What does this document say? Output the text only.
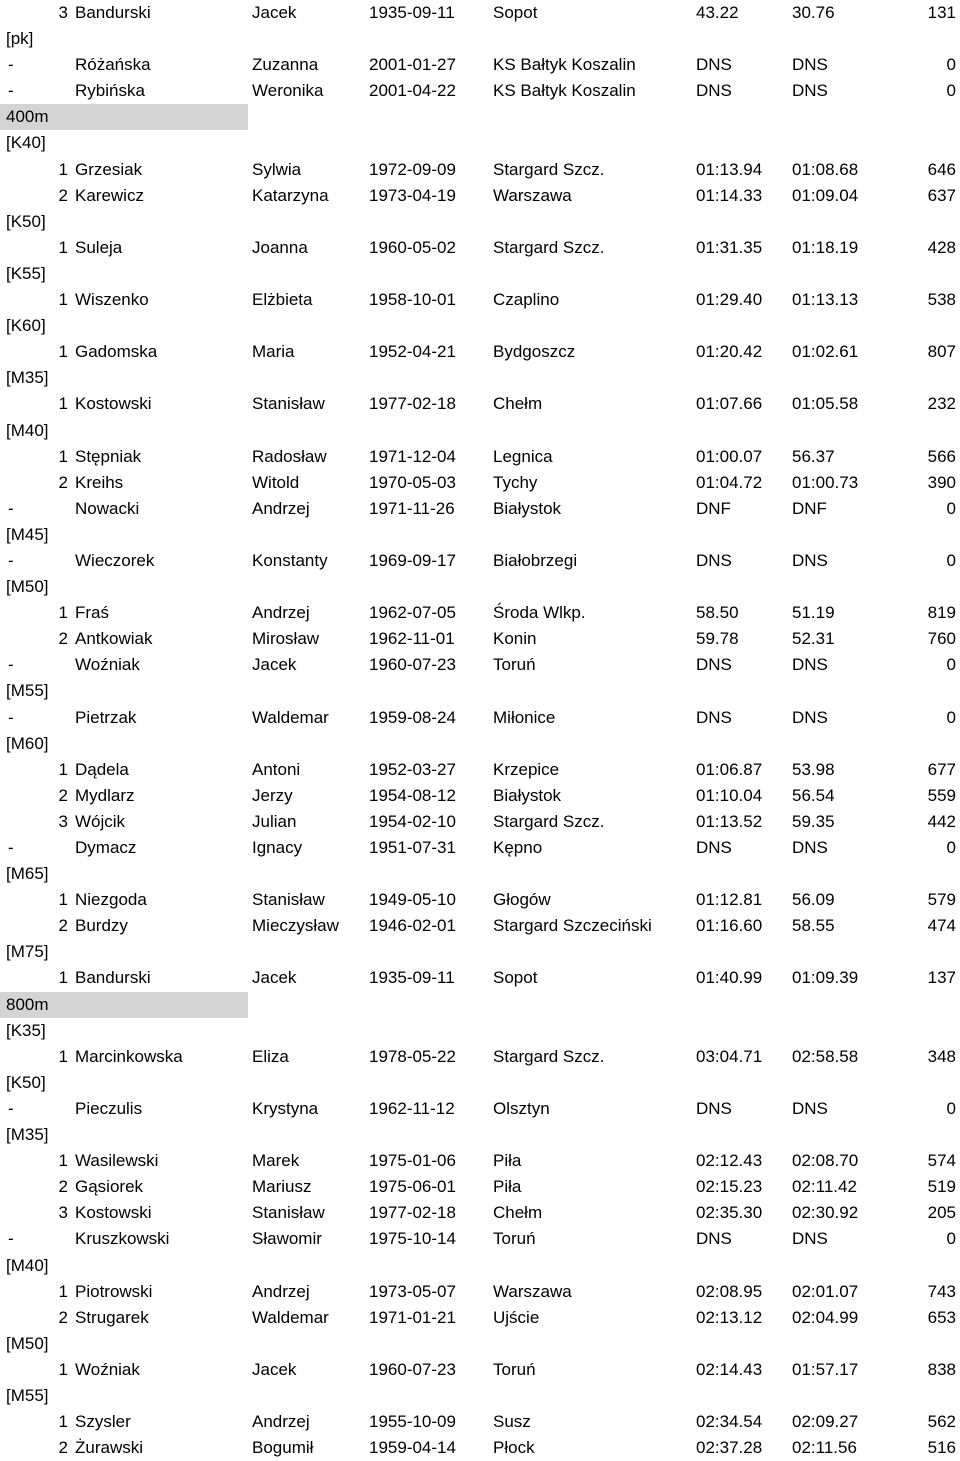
3 Bandurski	Jacek	1935-09-11 Sopot	43.22	30.76	131
[pk]
-	Różańska	Zuzanna	2001-01-27 KS Bałtyk Koszalin	DNS	DNS	0
-	Rybińska	Weronika	2001-04-22 KS Bałtyk Koszalin	DNS	DNS	0
400m
[K40]
1 Grzesiak	Sylwia	1972-09-09 Stargard Szcz.	01:13.94 01:08.68	646
2 Karewicz	Katarzyna 1973-04-19 Warszawa	01:14.33 01:09.04	637
[K50]
1 Suleja	Joanna	1960-05-02 Stargard Szcz.	01:31.35 01:18.19	428
[K55]
1 Wiszenko	Elżbieta	1958-10-01 Czaplino	01:29.40 01:13.13	538
[K60]
1 Gadomska	Maria	1952-04-21 Bydgoszcz	01:20.42 01:02.61	807
[M35]
1 Kostowski	Stanisław	1977-02-18 Chełm	01:07.66 01:05.58	232
[M40]
1 Stępniak	Radosław 1971-12-04 Legnica	01:00.07 56.37	566
2 Kreihs	Witold	1970-05-03 Tychy	01:04.72 01:00.73	390
-	Nowacki	Andrzej	1971-11-26 Białystok	DNF	DNF	0
[M45]
-	Wieczorek	Konstanty 1969-09-17 Białobrzegi	DNS	DNS	0
[M50]
1 Fraś	Andrzej	1962-07-05 Środa Wlkp.	58.50	51.19	819
2 Antkowiak	Mirosław	1962-11-01 Konin	59.78	52.31	760
-	Woźniak	Jacek	1960-07-23 Toruń	DNS	DNS	0
[M55]
-	Pietrzak	Waldemar 1959-08-24 Miłonice	DNS	DNS	0
[M60]
1 Dądela	Antoni	1952-03-27 Krzepice	01:06.87 53.98	677
2 Mydlarz	Jerzy	1954-08-12 Białystok	01:10.04 56.54	559
3 Wójcik	Julian	1954-02-10 Stargard Szcz.	01:13.52 59.35	442
-	Dymacz	Ignacy	1951-07-31 Kępno	DNS	DNS	0
[M65]
1 Niezgoda	Stanisław	1949-05-10 Głogów	01:12.81 56.09	579
2 Burdzy	Mieczysław 1946-02-01 Stargard Szczeciński	01:16.60 58.55	474
[M75]
1 Bandurski	Jacek	1935-09-11 Sopot	01:40.99 01:09.39	137
800m
[K35]
1 Marcinkowska	Eliza	1978-05-22 Stargard Szcz.	03:04.71 02:58.58	348
[K50]
-	Pieczulis	Krystyna	1962-11-12 Olsztyn	DNS	DNS	0
[M35]
1 Wasilewski	Marek	1975-01-06 Piła	02:12.43 02:08.70	574
2 Gąsiorek	Mariusz	1975-06-01 Piła	02:15.23 02:11.42	519
3 Kostowski	Stanisław	1977-02-18 Chełm	02:35.30 02:30.92	205
-	Kruszkowski	Sławomir	1975-10-14 Toruń	DNS	DNS	0
[M40]
1 Piotrowski	Andrzej	1973-05-07 Warszawa	02:08.95 02:01.07	743
2 Strugarek	Waldemar 1971-01-21 Ujście	02:13.12 02:04.99	653
[M50]
1 Woźniak	Jacek	1960-07-23 Toruń	02:14.43 01:57.17	838
[M55]
1 Szysler	Andrzej	1955-10-09 Susz	02:34.54 02:09.27	562
2 Żurawski	Bogumił	1959-04-14 Płock	02:37.28 02:11.56	516
